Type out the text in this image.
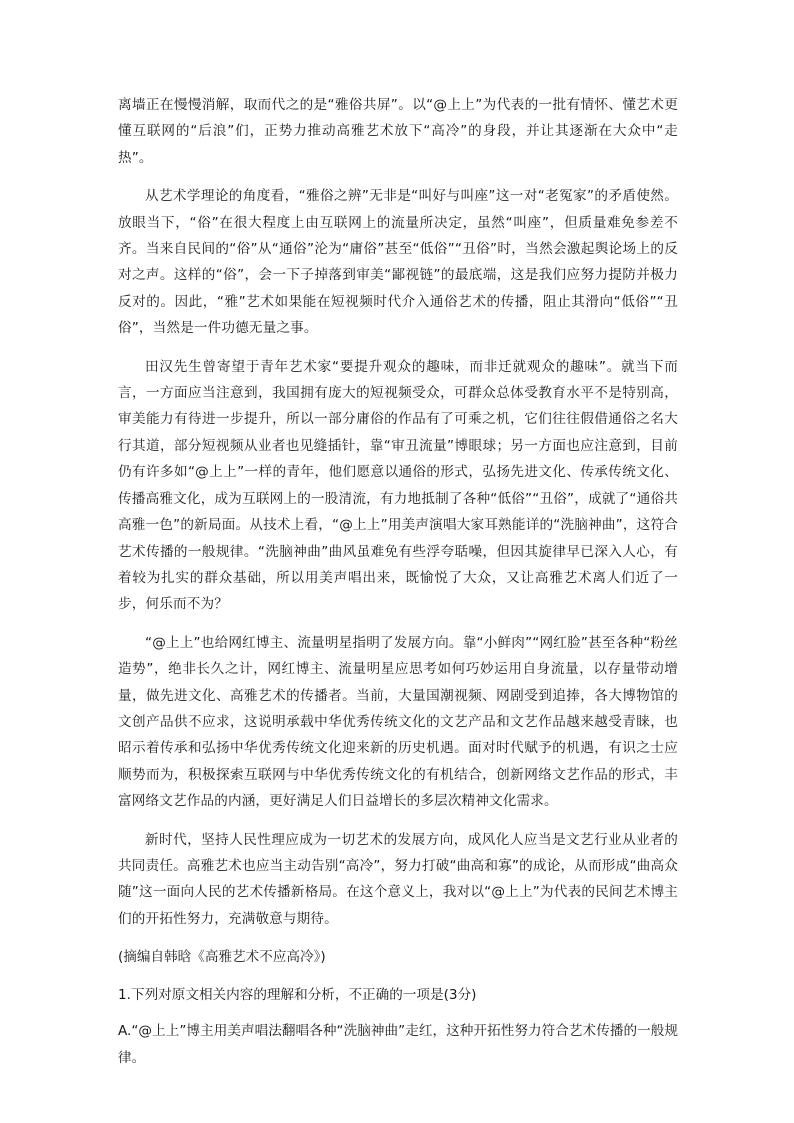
离墙正在慢慢消解，取而代之的是“雅俗共屏”。以“@上上”为代表的一批有情怀、懂艺术更懂互联网的“后浪”们，正势力推动高雅艺术放下“高冷”的身段，并让其逐渐在大众中“走热”。

从艺术学理论的角度看，“雅俗之辨”无非是“叫好与叫座”这一对“老冤家”的矛盾使然。放眼当下，“俗”在很大程度上由互联网上的流量所决定，虽然“叫座”，但质量难免参差不齐。当来自民间的“俗”从“通俗”沦为“庸俗”甚至“低俗”“丑俗”时，当然会激起舆论场上的反对之声。这样的“俗”，会一下子掉落到审美“鄙视链”的最底端，这是我们应努力提防并极力反对的。因此，“雅”艺术如果能在短视频时代介入通俗艺术的传播，阻止其滑向“低俗”“丑俗”，当然是一件功德无量之事。

田汉先生曾寄望于青年艺术家“要提升观众的趣味，而非迁就观众的趣味”。就当下而言，一方面应当注意到，我国拥有庞大的短视频受众，可群众总体受教育水平不是特别高，审美能力有待进一步提升，所以一部分庸俗的作品有了可乘之机，它们往往假借通俗之名大行其道，部分短视频从业者也见缝插针，靠“审丑流量”博眼球；另一方面也应注意到，目前仍有许多如“@上上”一样的青年，他们愿意以通俗的形式，弘扬先进文化、传承传统文化、传播高雅文化，成为互联网上的一股清流，有力地抵制了各种“低俗”“丑俗”，成就了“通俗共高雅一色”的新局面。从技术上看，“@上上”用美声演唱大家耳熟能详的“洗脑神曲”，这符合艺术传播的一般规律。“洗脑神曲”曲风虽难免有些浮夸聒噪，但因其旋律早已深入人心，有着较为扎实的群众基础，所以用美声唱出来，既愉悦了大众，又让高雅艺术离人们近了一步，何乐而不为？

“@上上”也给网红博主、流量明星指明了发展方向。靠“小鲜肉”“网红脸”甚至各种“粉丝造势”，绝非长久之计，网红博主、流量明星应思考如何巧妙运用自身流量，以存量带动增量，做先进文化、高雅艺术的传播者。当前，大量国潮视频、网剧受到追捧，各大博物馆的文创产品供不应求，这说明承载中华优秀传统文化的文艺产品和文艺作品越来越受青睐，也昭示着传承和弘扬中华优秀传统文化迎来新的历史机遇。面对时代赋予的机遇，有识之士应顺势而为，积极探索互联网与中华优秀传统文化的有机结合，创新网络文艺作品的形式，丰富网络文艺作品的内涵，更好满足人们日益增长的多层次精神文化需求。

新时代，坚持人民性理应成为一切艺术的发展方向，成风化人应当是文艺行业从业者的共同责任。高雅艺术也应当主动告别“高冷”，努力打破“曲高和寡”的成论，从而形成“曲高众随”这一面向人民的艺术传播新格局。在这个意义上，我对以“@上上”为代表的民间艺术博主们的开拓性努力，充满敬意与期待。

(摘编自韩晗《高雅艺术不应高冷》)

1.下列对原文相关内容的理解和分析，不正确的一项是(3分)

A.“@上上”博主用美声唱法翻唱各种“洗脑神曲”走红，这种开拓性努力符合艺术传播的一般规律。
